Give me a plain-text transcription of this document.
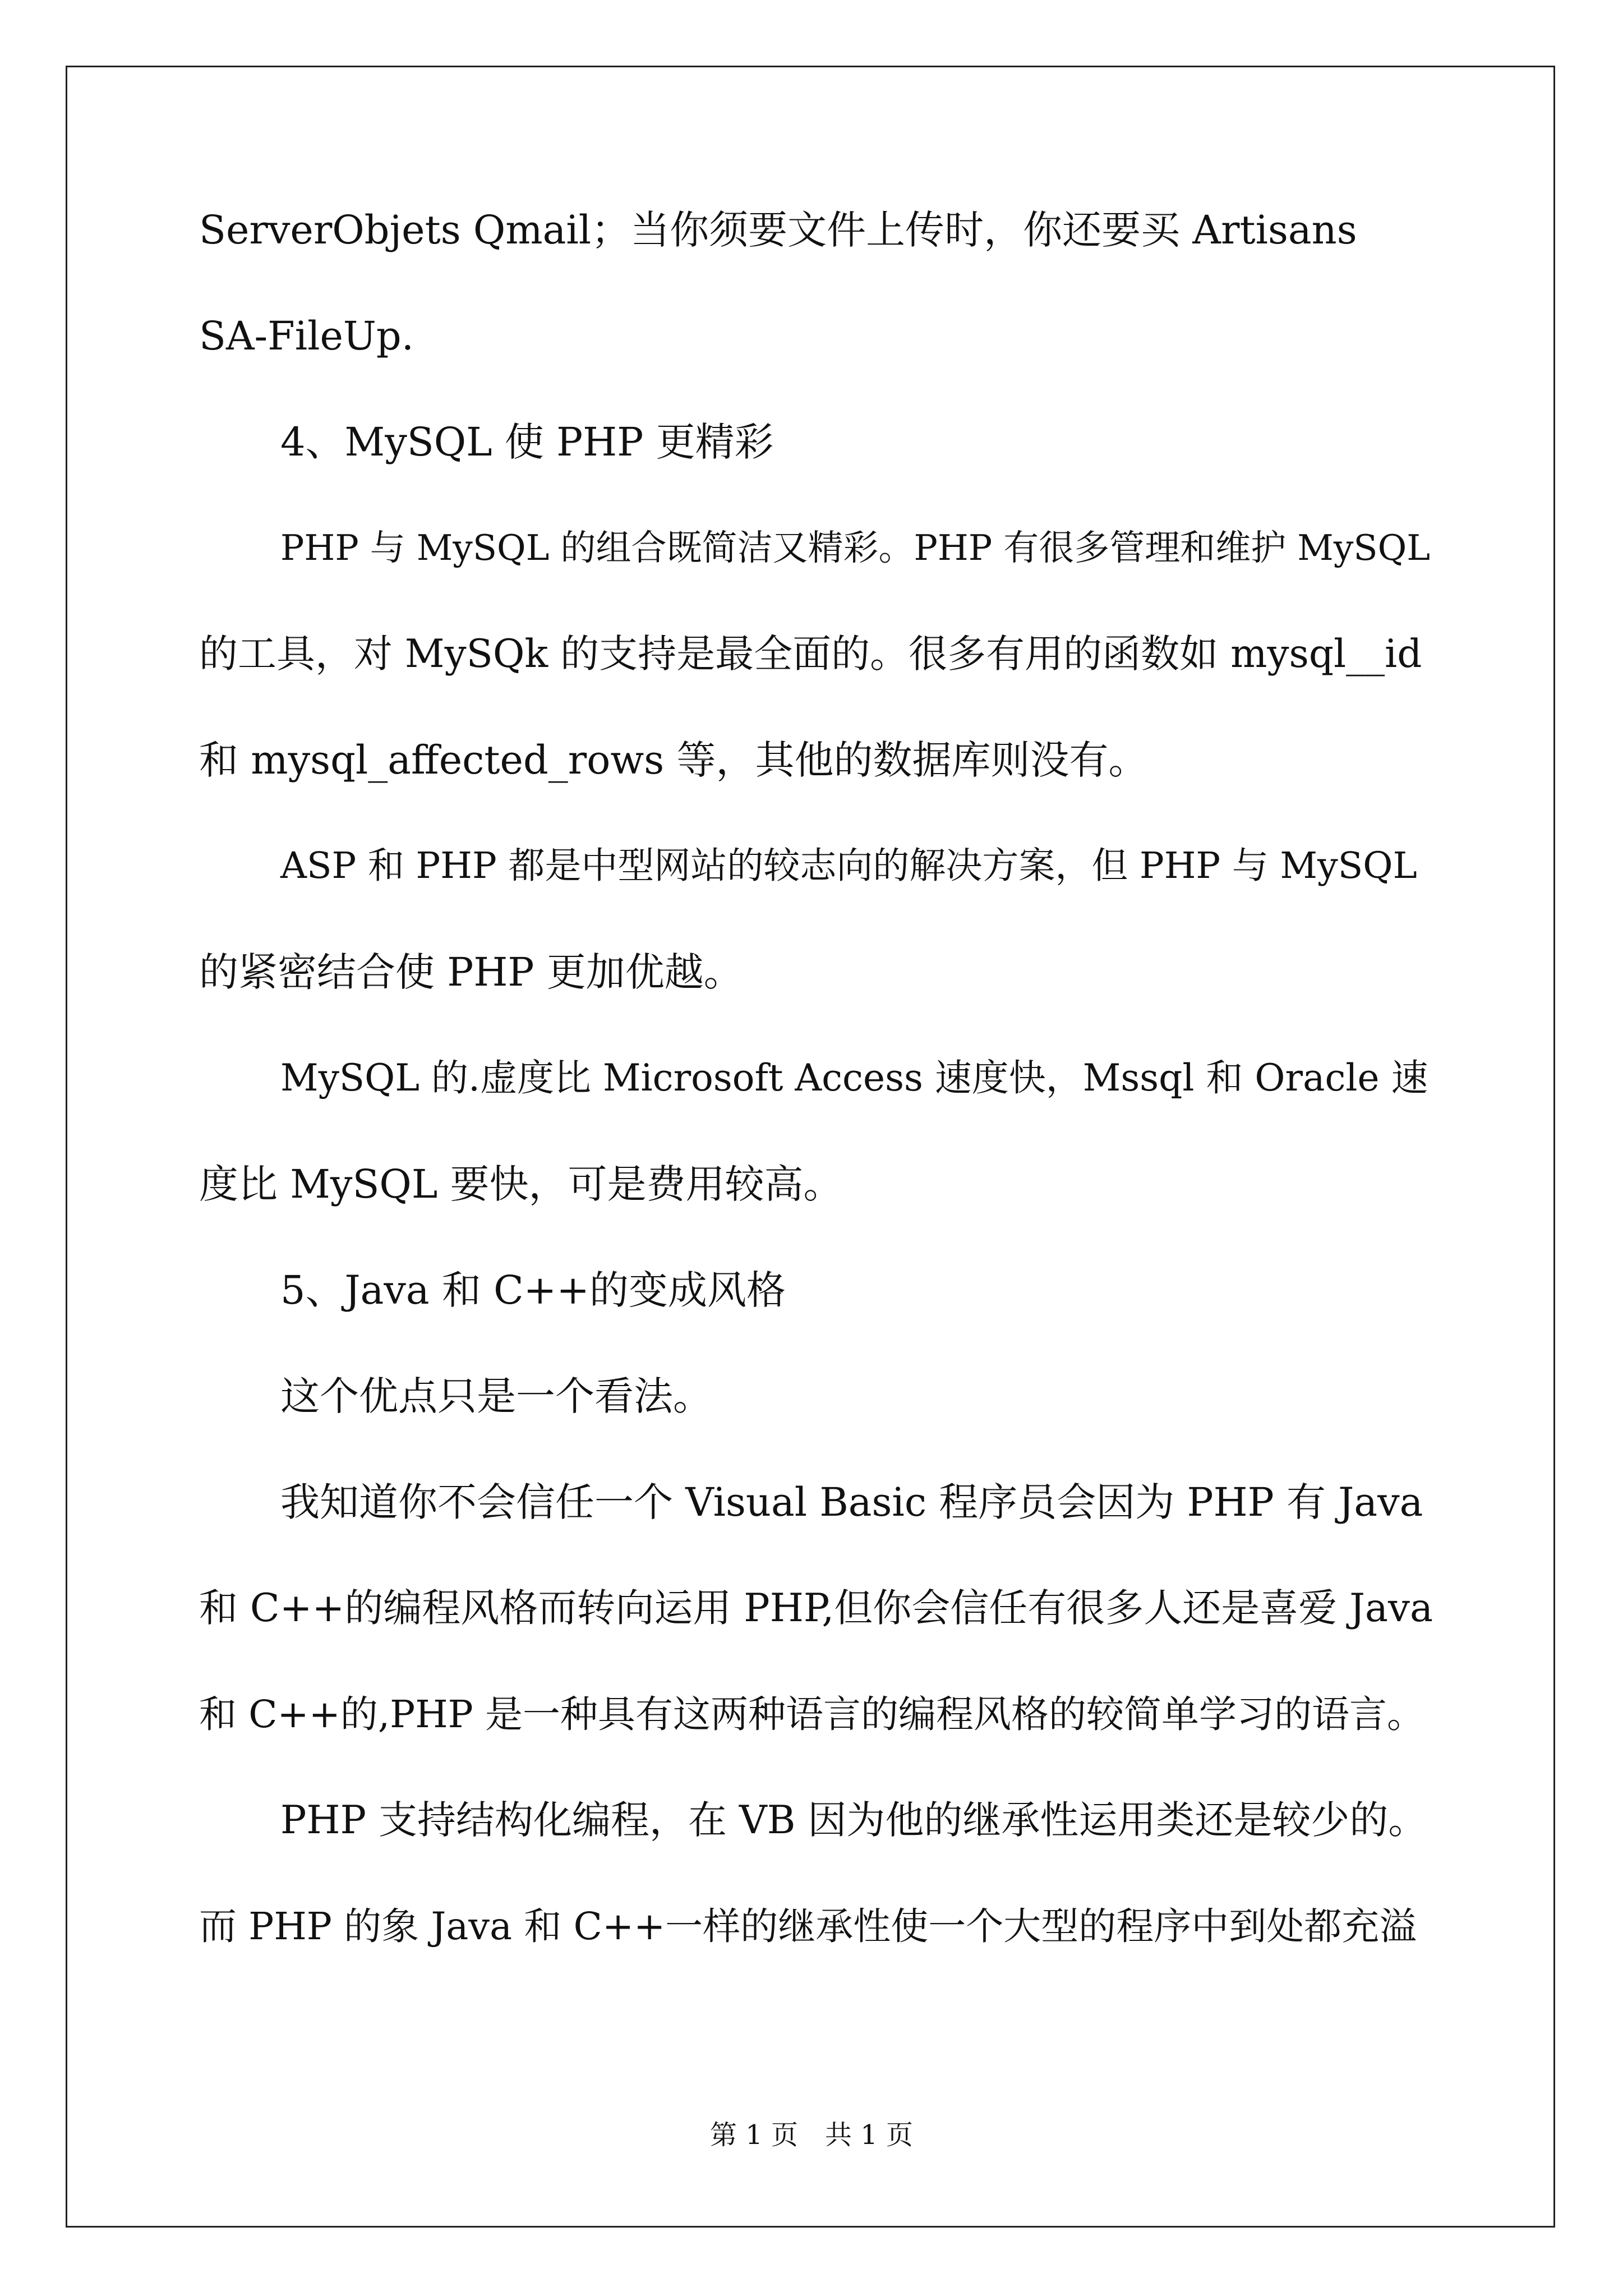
ServerObjets Qmail；当你须要文件上传时，你还要买 Artisans
SA-FileUp.
4、MySQL 使 PHP 更精彩
PHP 与 MySQL 的组合既简洁又精彩。PHP 有很多管理和维护 MySQL
的工具，对 MySQk 的支持是最全面的。很多有用的函数如 mysql__id
和 mysql_affected_rows 等，其他的数据库则没有。
ASP 和 PHP 都是中型网站的较志向的解决方案，但 PHP 与 MySQL
的紧密结合使 PHP 更加优越。
MySQL 的.虚度比 Microsoft Access 速度快，Mssql 和 Oracle 速
度比 MySQL 要快，可是费用较高。
5、Java 和 C++的变成风格
这个优点只是一个看法。
我知道你不会信任一个 Visual Basic 程序员会因为 PHP 有 Java
和 C++的编程风格而转向运用 PHP,但你会信任有很多人还是喜爱 Java
和 C++的,PHP 是一种具有这两种语言的编程风格的较简单学习的语言。
PHP 支持结构化编程，在 VB 因为他的继承性运用类还是较少的。
而 PHP 的象 Java 和 C++一样的继承性使一个大型的程序中到处都充溢
第 1 页　共 1 页
